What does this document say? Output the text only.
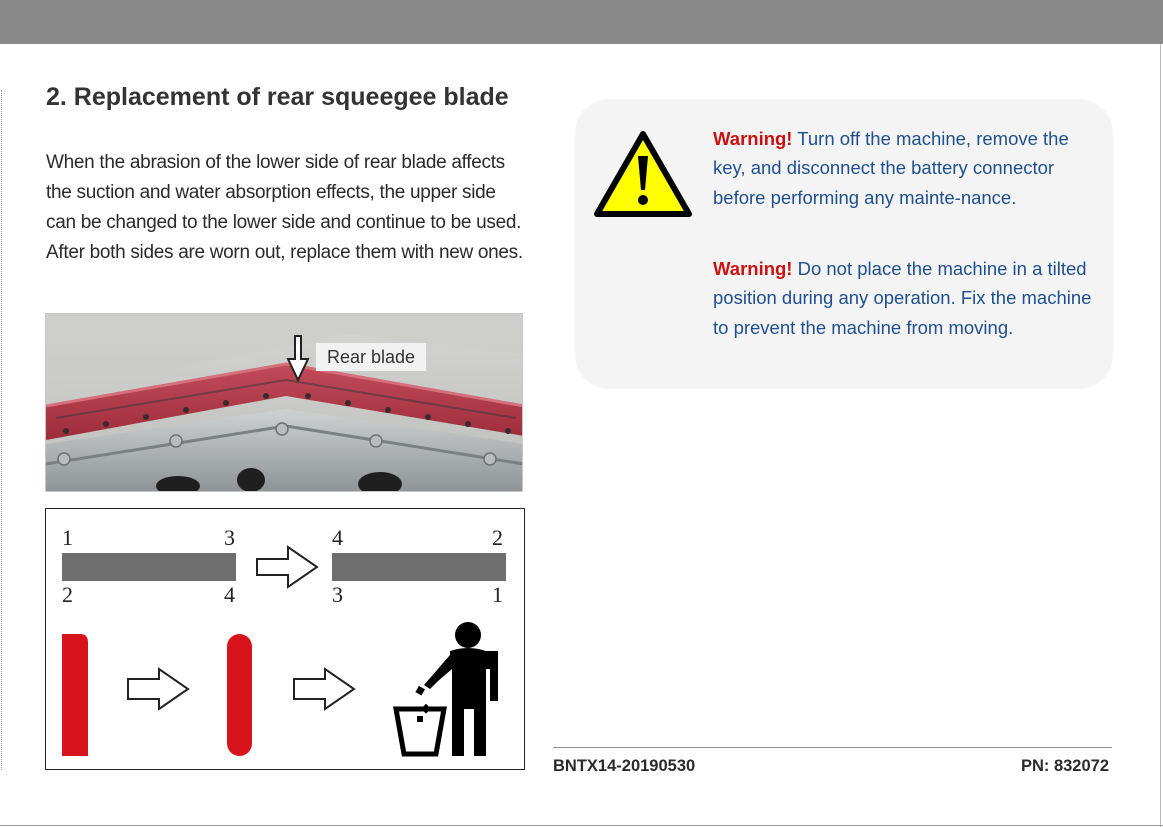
2. Replacement of rear squeegee blade

When the abrasion of the lower side of rear blade affects the suction and water absorption effects, the upper side can be changed to the lower side and continue to be used. After both sides are worn out, replace them with new ones.

Rear blade
1	3
2	4
4	2
3	1

Warning! Turn off the machine, remove the key, and disconnect the battery connector before performing any mainte-nance.

Warning! Do not place the machine in a tilted position during any operation. Fix the machine to prevent the machine from moving.

BNTX14-20190530	PN: 832072
